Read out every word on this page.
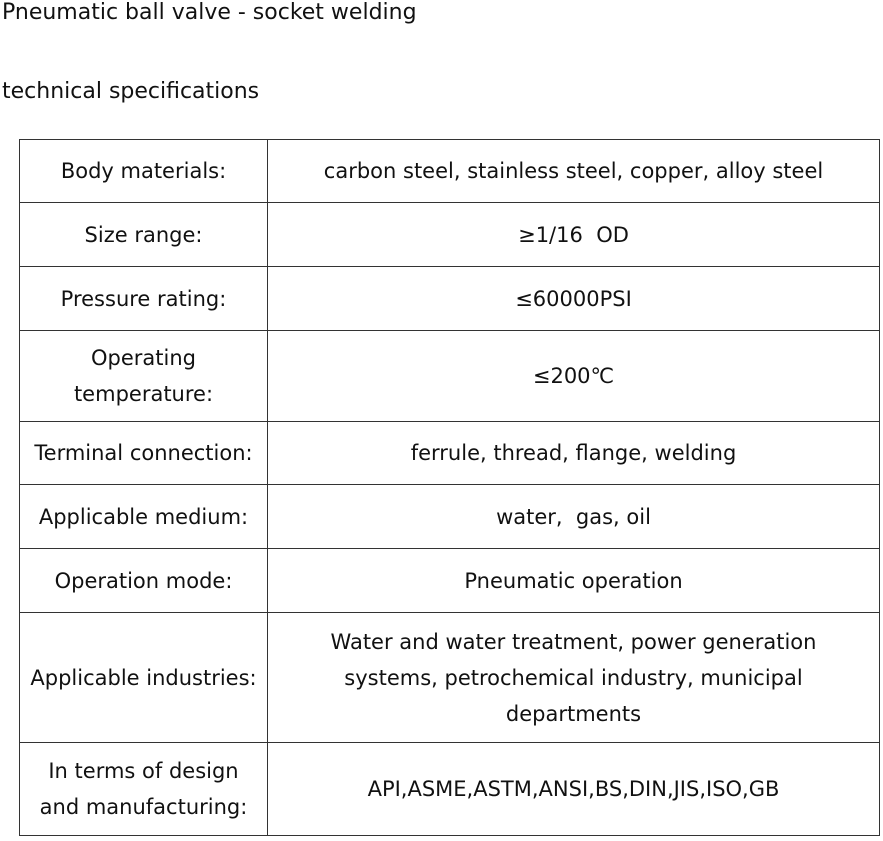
Pneumatic ball valve - socket welding
technical specifications
Body materials:	carbon steel, stainless steel, copper, alloy steel
Size range:	≥1/16  OD
Pressure rating:	≤60000PSI
Operating temperature:	≤200℃
Terminal connection:	ferrule, thread, flange, welding
Applicable medium:	water,  gas, oil
Operation mode:	Pneumatic operation
Applicable industries:	Water and water treatment, power generation systems, petrochemical industry, municipal departments
In terms of design and manufacturing:	API,ASME,ASTM,ANSI,BS,DIN,JIS,ISO,GB
